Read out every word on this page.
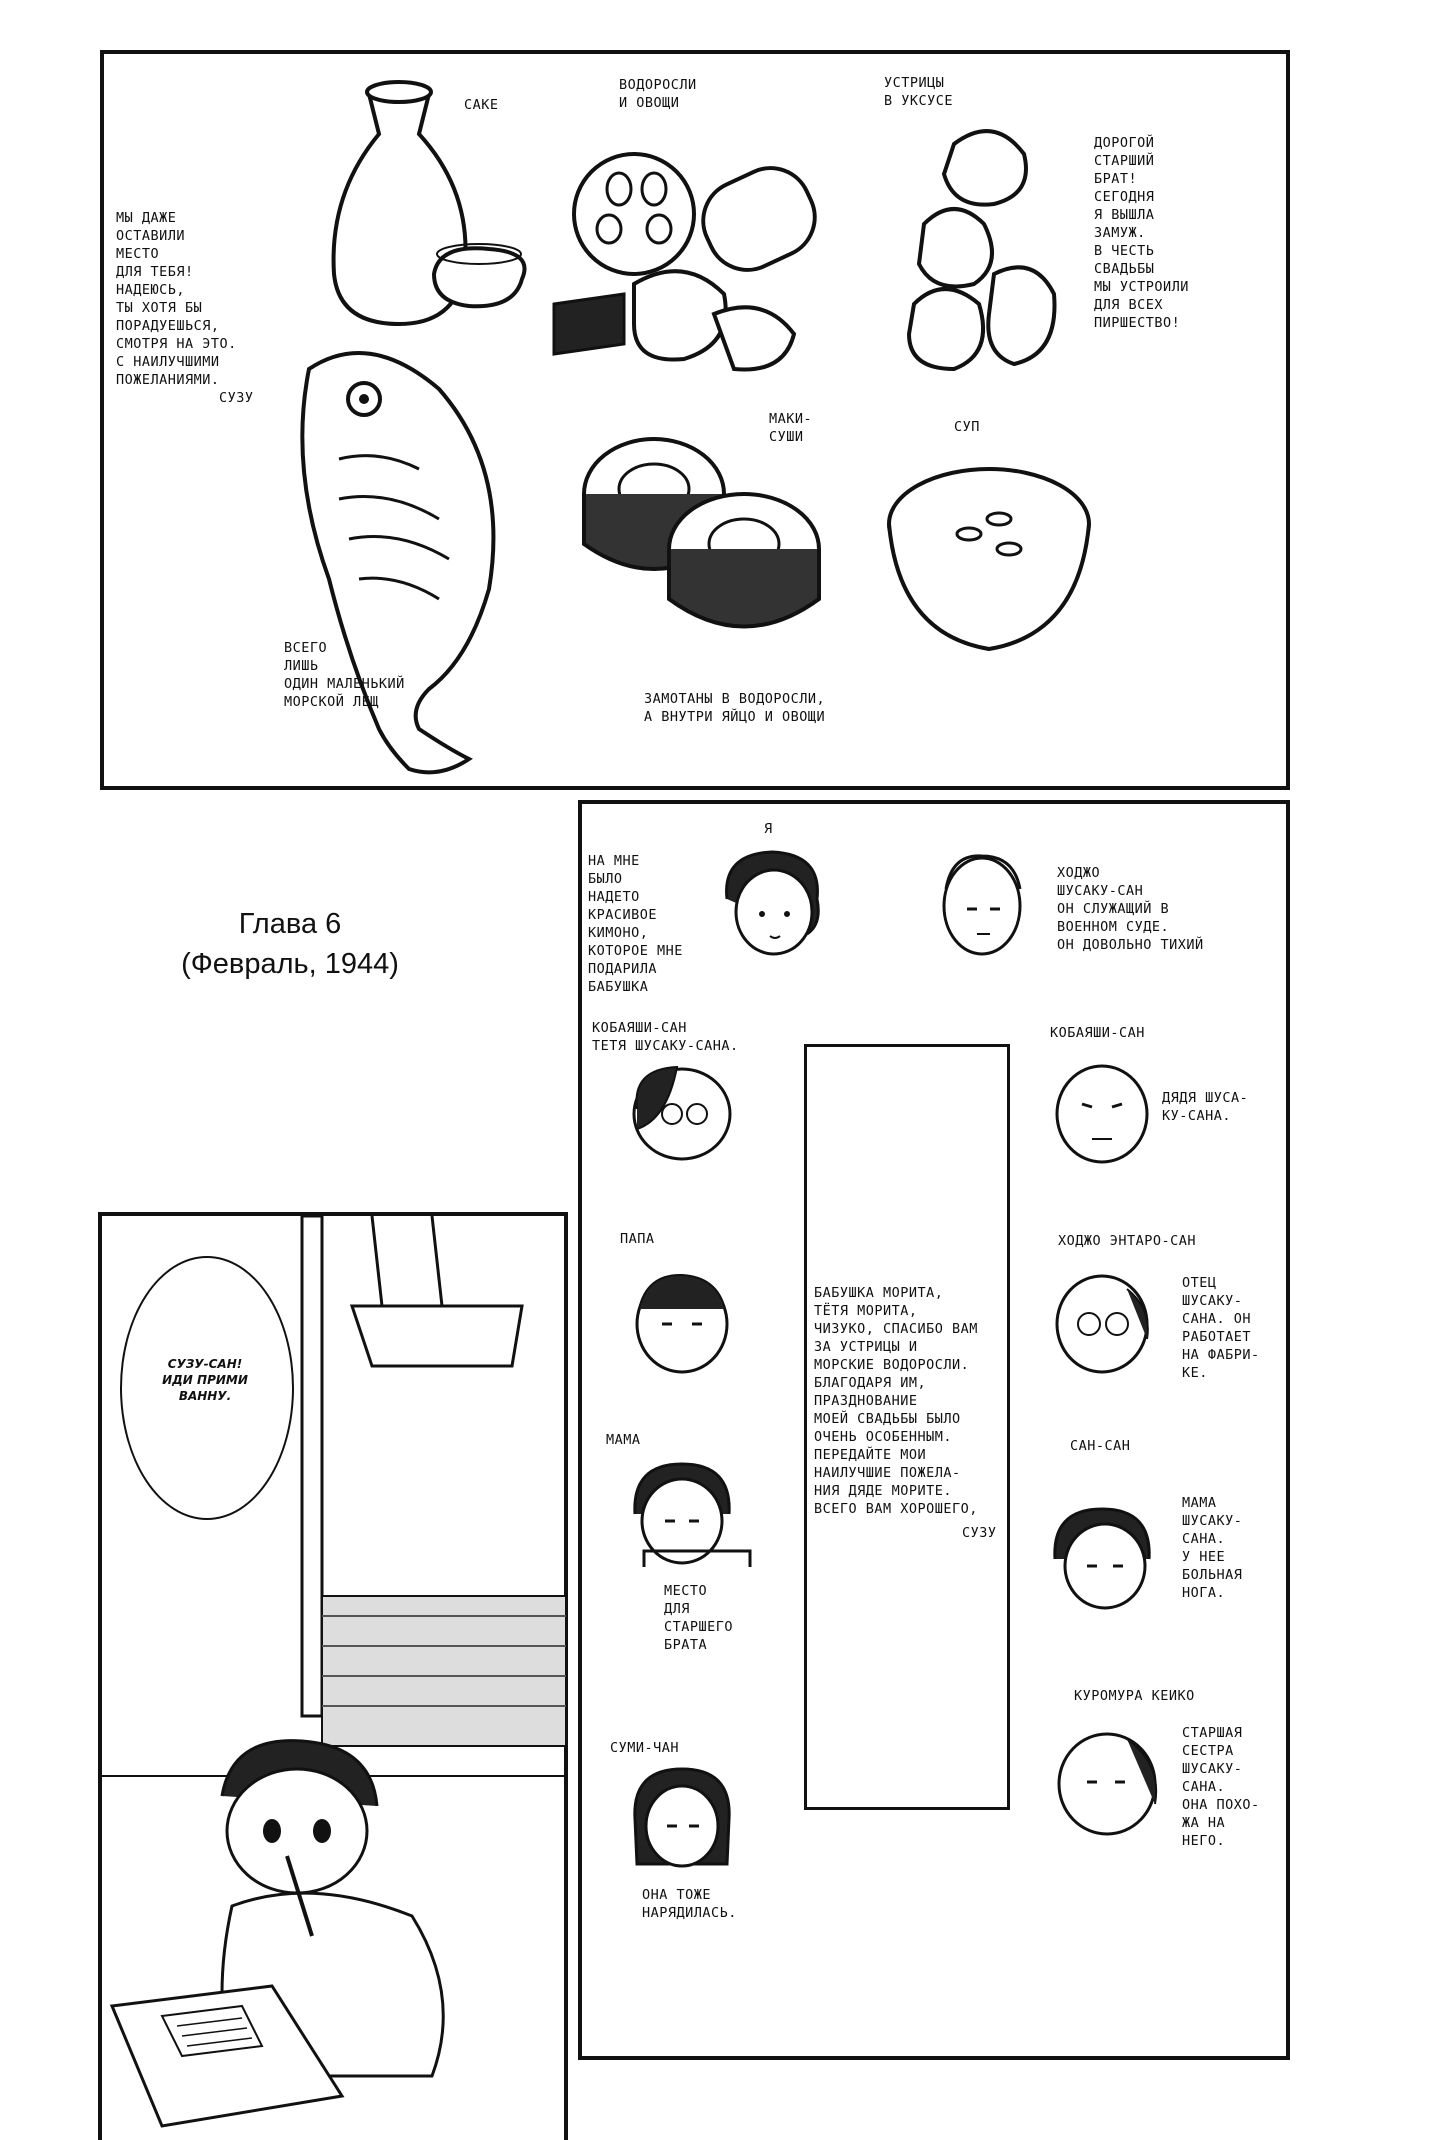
САКЕ
ВОДОРОСЛИ
И ОВОЩИ
УСТРИЦЫ
В УКСУСЕ
МАКИ-
СУШИ
СУП
ВСЕГО
ЛИШЬ
ОДИН МАЛЕНЬКИЙ
МОРСКОЙ ЛЕЩ	ЗАМОТАНЫ В ВОДОРОСЛИ,
А ВНУТРИ ЯЙЦО И ОВОЩИ
МЫ ДАЖЕ
ОСТАВИЛИ
МЕСТО
ДЛЯ ТЕБЯ!
НАДЕЮСЬ,
ТЫ ХОТЯ БЫ
ПОРАДУЕШЬСЯ,
СМОТРЯ НА ЭТО.
С НАИЛУЧШИМИ
ПОЖЕЛАНИЯМИ.
СУЗУ
ДОРОГОЙ
СТАРШИЙ
БРАТ!
СЕГОДНЯ
Я ВЫШЛА
ЗАМУЖ.
В ЧЕСТЬ
СВАДЬБЫ
МЫ УСТРОИЛИ
ДЛЯ ВСЕХ
ПИРШЕСТВО!
Глава 6
(Февраль, 1944)
Я
НА МНЕ
БЫЛО
НАДЕТО
КРАСИВОЕ
КИМОНО,
КОТОРОЕ МНЕ
ПОДАРИЛА
БАБУШКА
ХОДЖО
ШУСАКУ-САН
ОН СЛУЖАЩИЙ В
ВОЕННОМ СУДЕ.
ОН ДОВОЛЬНО ТИХИЙ
КОБАЯШИ-САН
ТЕТЯ ШУСАКУ-САНА.
КОБАЯШИ-САН
ДЯДЯ ШУСА-
КУ-САНА.
ПАПА	ХОДЖО ЭНТАРО-САН
ОТЕЦ
ШУСАКУ-
САНА. ОН
РАБОТАЕТ
НА ФАБРИ-
КЕ.
МАМА	САН-САН
МАМА
ШУСАКУ-
САНА.
У НЕЕ
БОЛЬНАЯ
НОГА.
БАБУШКА МОРИТА,
ТЁТЯ МОРИТА,
ЧИЗУКО, СПАСИБО ВАМ
ЗА УСТРИЦЫ И
МОРСКИЕ ВОДОРОСЛИ.
БЛАГОДАРЯ ИМ,
ПРАЗДНОВАНИЕ
МОЕЙ СВАДЬБЫ БЫЛО
ОЧЕНЬ ОСОБЕННЫМ.
ПЕРЕДАЙТЕ МОИ
НАИЛУЧШИЕ ПОЖЕЛА-
НИЯ ДЯДЕ МОРИТЕ.
ВСЕГО ВАМ ХОРОШЕГО,
СУЗУ
МЕСТО
ДЛЯ
СТАРШЕГО
БРАТА
КУРОМУРА КЕИКО
СТАРШАЯ
СЕСТРА
ШУСАКУ-
САНА.
ОНА ПОХО-
ЖА НА
НЕГО.
СУМИ-ЧАН
ОНА ТОЖЕ
НАРЯДИЛАСЬ.
СУЗУ-САН!
ИДИ ПРИМИ
ВАННУ.
